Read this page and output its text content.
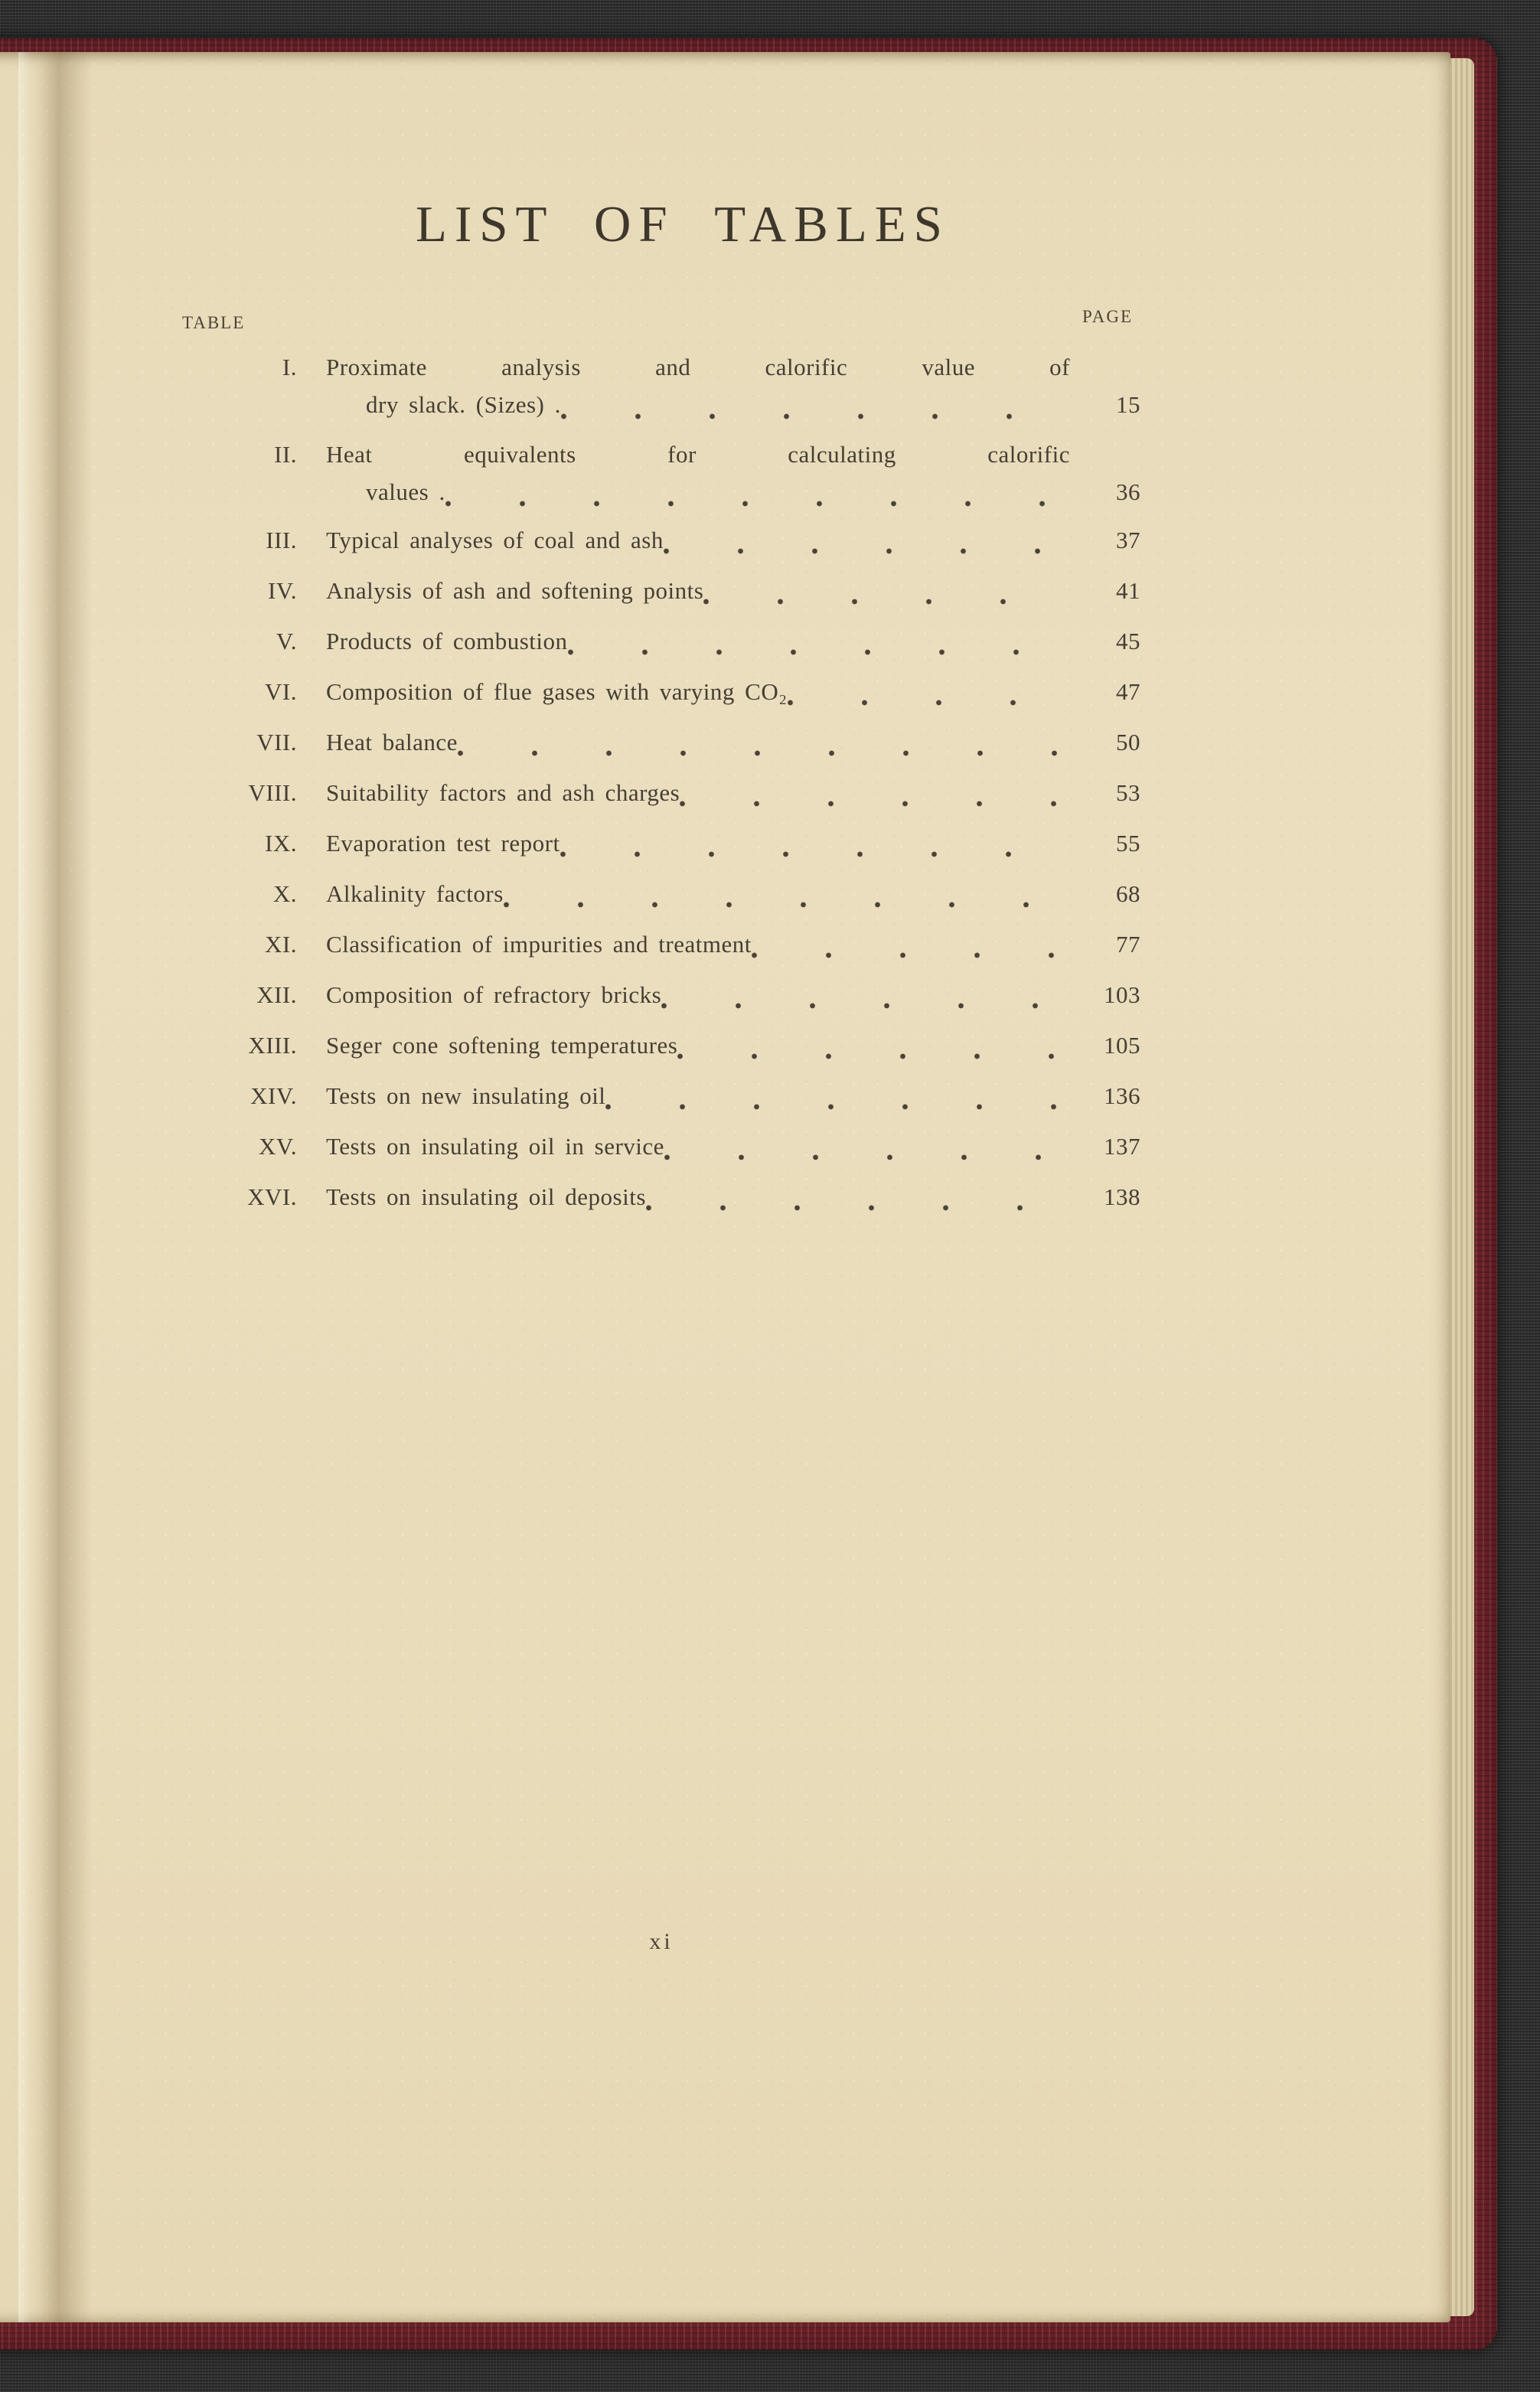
LIST OF TABLES
TABLE	PAGE
I. Proximate analysis and calorific value of
dry slack. (Sizes) .	15
II. Heat equivalents for calculating calorific
values .	36
III. Typical analyses of coal and ash	37
IV. Analysis of ash and softening points	41
V. Products of combustion	45
VI. Composition of flue gases with varying CO₂	47
VII. Heat balance	50
VIII. Suitability factors and ash charges	53
IX. Evaporation test report	55
X. Alkalinity factors	68
XI. Classification of impurities and treatment	77
XII. Composition of refractory bricks	103
XIII. Seger cone softening temperatures	105
XIV. Tests on new insulating oil	136
XV. Tests on insulating oil in service	137
XVI. Tests on insulating oil deposits	138
xi
